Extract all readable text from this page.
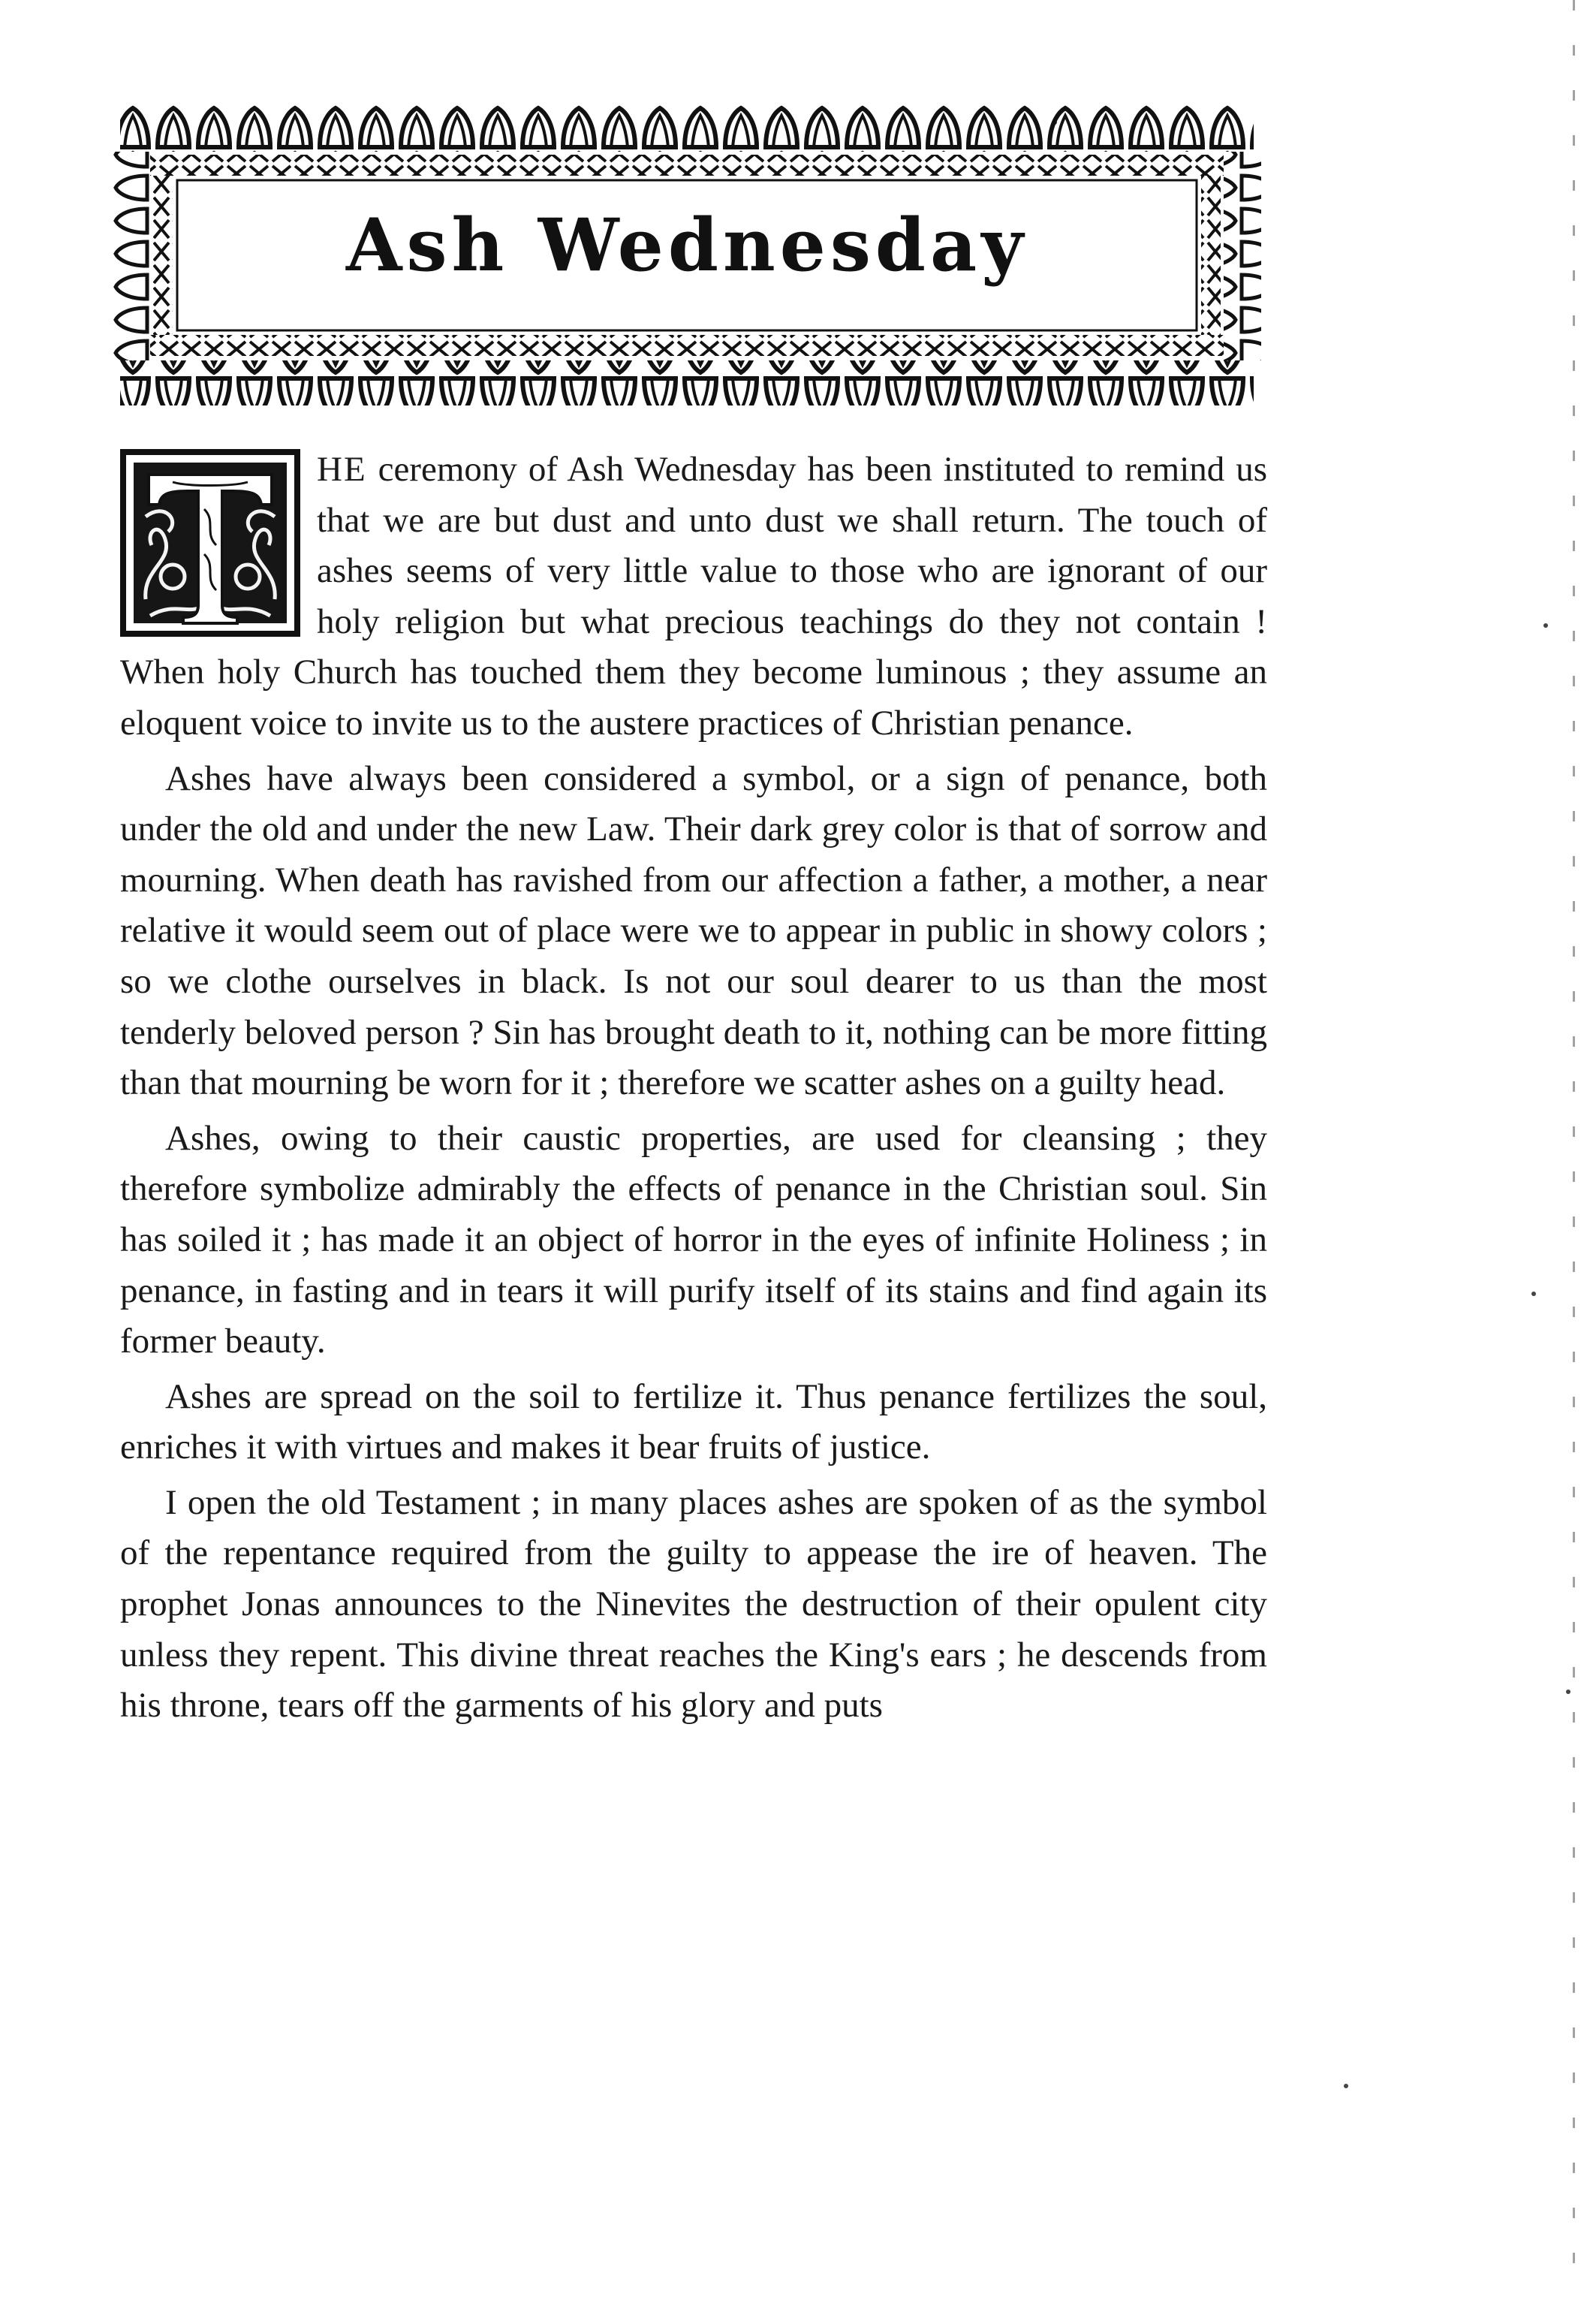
Ash Wednesday

HE ceremony of Ash Wednesday has been instituted to remind us that we are but dust and unto dust we shall return. The touch of ashes seems of very little value to those who are ignorant of our holy religion but what precious teachings do they not contain ! When holy Church has touched them they become luminous ; they assume an eloquent voice to invite us to the austere practices of Christian penance.

Ashes have always been considered a symbol, or a sign of penance, both under the old and under the new Law. Their dark grey color is that of sorrow and mourning. When death has ravished from our affection a father, a mother, a near relative it would seem out of place were we to appear in public in showy colors ; so we clothe ourselves in black. Is not our soul dearer to us than the most tenderly beloved person ? Sin has brought death to it, nothing can be more fitting than that mourning be worn for it ; therefore we scatter ashes on a guilty head.

Ashes, owing to their caustic properties, are used for cleansing ; they therefore symbolize admirably the effects of penance in the Christian soul. Sin has soiled it ; has made it an object of horror in the eyes of infinite Holiness ; in penance, in fasting and in tears it will purify itself of its stains and find again its former beauty.

Ashes are spread on the soil to fertilize it. Thus penance fertilizes the soul, enriches it with virtues and makes it bear fruits of justice.

I open the old Testament ; in many places ashes are spoken of as the symbol of the repentance required from the guilty to appease the ire of heaven. The prophet Jonas announces to the Ninevites the destruction of their opulent city unless they repent. This divine threat reaches the King's ears ; he descends from his throne, tears off the garments of his glory and puts
